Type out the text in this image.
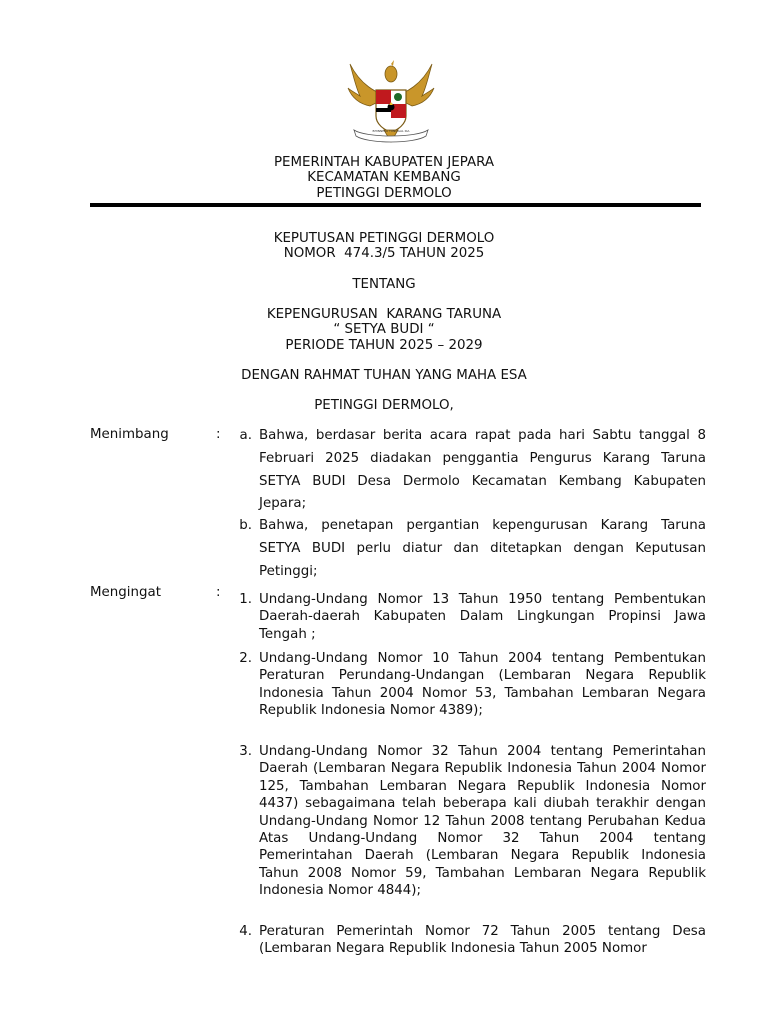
BHINNEKA TUNGGAL IKA
PEMERINTAH KABUPATEN JEPARA
KECAMATAN KEMBANG
PETINGGI DERMOLO
KEPUTUSAN PETINGGI DERMOLO
NOMOR  474.3/5 TAHUN 2025
TENTANG
KEPENGURUSAN  KARANG TARUNA
“ SETYA BUDI “
PERIODE TAHUN 2025 – 2029
DENGAN RAHMAT TUHAN YANG MAHA ESA
PETINGGI DERMOLO,
Menimbang	:	a. Bahwa, berdasar berita acara rapat pada hari Sabtu tanggal 8 Februari 2025 diadakan penggantia Pengurus Karang Taruna SETYA BUDI Desa Dermolo Kecamatan Kembang Kabupaten Jepara;
b. Bahwa, penetapan pergantian kepengurusan Karang Taruna SETYA BUDI perlu diatur dan ditetapkan dengan Keputusan Petinggi;
Mengingat	:	1. Undang-Undang Nomor 13 Tahun 1950 tentang Pembentukan Daerah-daerah Kabupaten Dalam Lingkungan Propinsi Jawa Tengah ;
2. Undang-Undang Nomor 10 Tahun 2004 tentang Pembentukan Peraturan Perundang-Undangan (Lembaran Negara Republik Indonesia Tahun 2004 Nomor 53, Tambahan Lembaran Negara Republik Indonesia Nomor 4389);
3. Undang-Undang Nomor 32 Tahun 2004 tentang Pemerintahan Daerah (Lembaran Negara Republik Indonesia Tahun 2004 Nomor 125, Tambahan Lembaran Negara Republik Indonesia Nomor 4437) sebagaimana telah beberapa kali diubah terakhir dengan Undang-Undang Nomor 12 Tahun 2008 tentang Perubahan Kedua Atas Undang-Undang Nomor 32 Tahun 2004 tentang Pemerintahan Daerah (Lembaran Negara Republik Indonesia Tahun 2008 Nomor 59, Tambahan Lembaran Negara Republik Indonesia Nomor 4844);
4. Peraturan Pemerintah Nomor 72 Tahun 2005 tentang Desa (Lembaran Negara Republik Indonesia Tahun 2005 Nomor
